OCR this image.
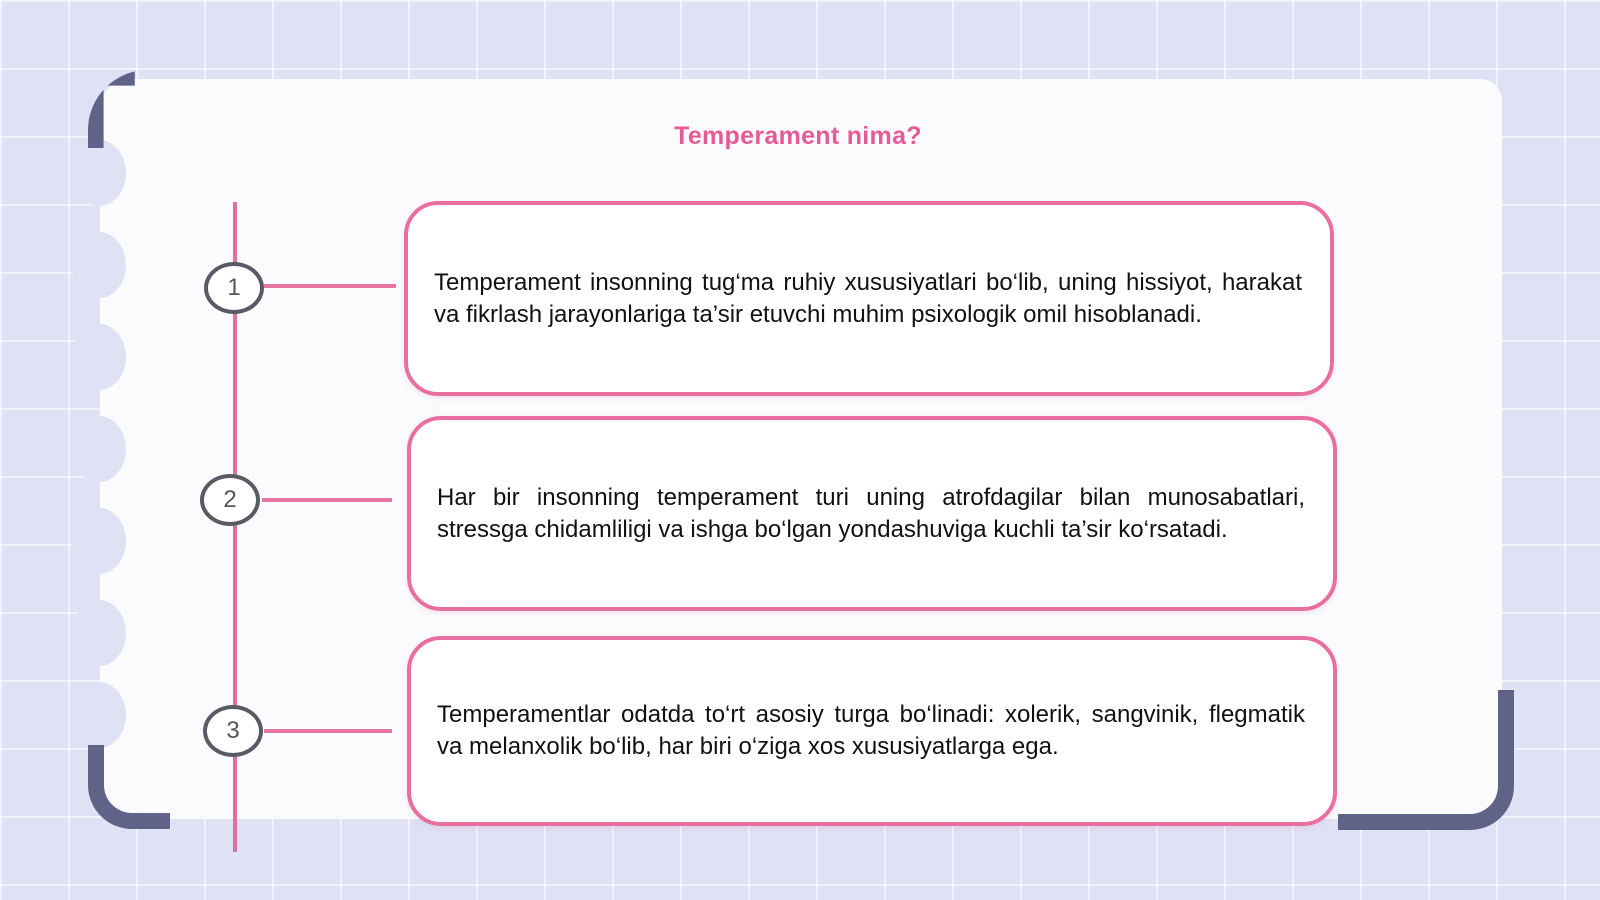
Temperament nima?
1	Temperament insonning tug‘ma ruhiy xususiyatlari bo‘lib, uning hissiyot, harakat va fikrlash jarayonlariga ta’sir etuvchi muhim psixologik omil hisoblanadi.
2	Har bir insonning temperament turi uning atrofdagilar bilan munosabatlari, stressga chidamliligi va ishga bo‘lgan yondashuviga kuchli ta’sir ko‘rsatadi.
3
Temperamentlar odatda to‘rt asosiy turga bo‘linadi: xolerik, sangvinik, flegmatik va melanxolik bo‘lib, har biri o‘ziga xos xususiyatlarga ega.
